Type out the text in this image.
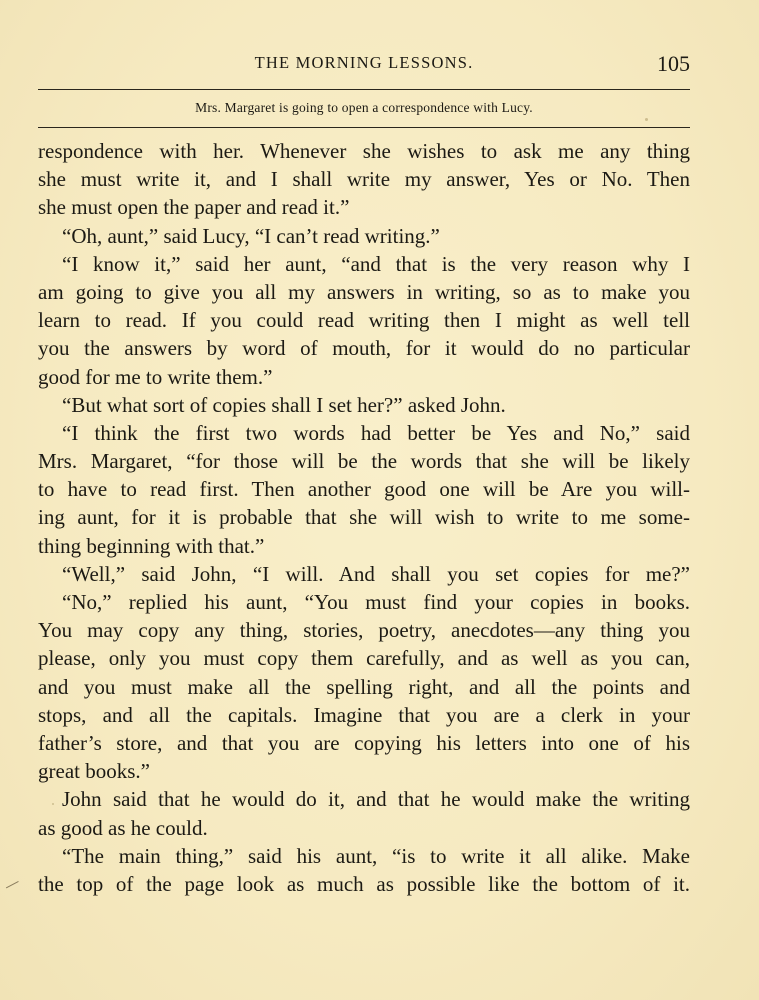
THE MORNING LESSONS.	105
Mrs. Margaret is going to open a correspondence with Lucy.
respondence with her. Whenever she wishes to ask me any thing
she must write it, and I shall write my answer, Yes or No. Then
she must open the paper and read it.”
“Oh, aunt,” said Lucy, “I can’t read writing.”
“I know it,” said her aunt, “and that is the very reason why I
am going to give you all my answers in writing, so as to make you
learn to read. If you could read writing then I might as well tell
you the answers by word of mouth, for it would do no particular
good for me to write them.”
“But what sort of copies shall I set her?” asked John.
“I think the first two words had better be Yes and No,” said
Mrs. Margaret, “for those will be the words that she will be likely
to have to read first. Then another good one will be Are you will-
ing aunt, for it is probable that she will wish to write to me some-
thing beginning with that.”
“Well,” said John, “I will. And shall you set copies for me?”
“No,” replied his aunt, “You must find your copies in books.
You may copy any thing, stories, poetry, anecdotes—any thing you
please, only you must copy them carefully, and as well as you can,
and you must make all the spelling right, and all the points and
stops, and all the capitals. Imagine that you are a clerk in your
father’s store, and that you are copying his letters into one of his
great books.”
John said that he would do it, and that he would make the writing
as good as he could.
“The main thing,” said his aunt, “is to write it all alike. Make
the top of the page look as much as possible like the bottom of it.
